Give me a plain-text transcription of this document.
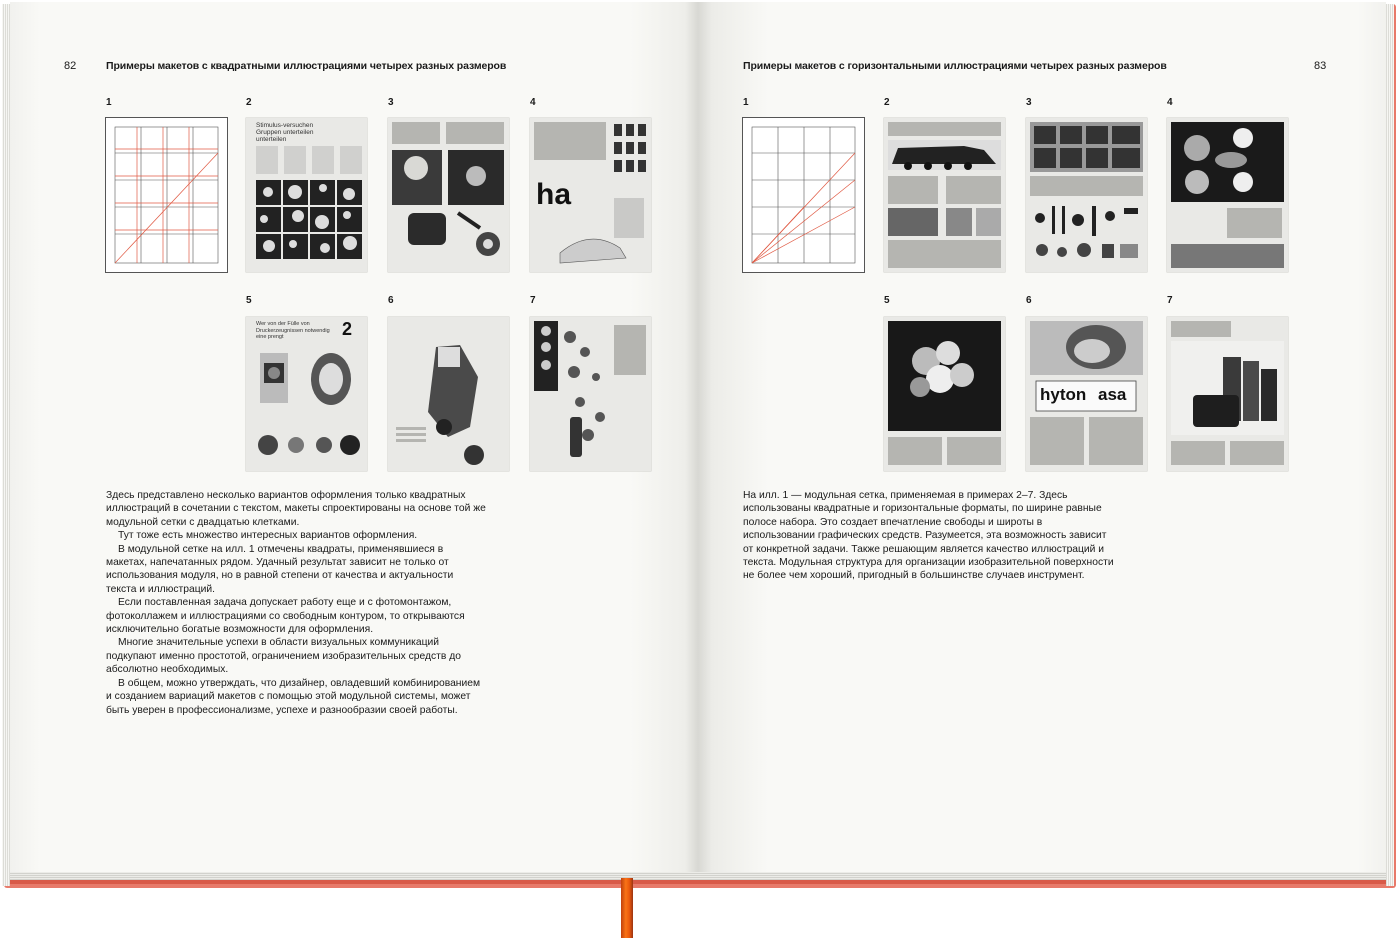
82	Примеры макетов с квадратными иллюстрациями четырех разных размеров
1	2	3	4
5	6	7
Stimulus-versuchen Gruppen unterteilen unterteilen
ha
Wer von der Fülle von Druckerzeugnissen notwendig eine prengt	2

Здесь представлено несколько вариантов оформления только квадратных иллюстраций в сочетании с текстом, макеты спроектированы на основе той же модульной сетки с двадцатью клетками.

Тут тоже есть множество интересных вариантов оформления.

В модульной сетке на илл. 1 отмечены квадраты, применявшиеся в макетах, напечатанных рядом. Удачный результат зависит не только от использования модуля, но в равной степени от качества и актуальности текста и иллюстраций.

Если поставленная задача допускает работу еще и с фотомонтажом, фотоколлажем и иллюстрациями со свободным контуром, то открываются исключительно богатые возможности для оформления.

Многие значительные успехи в области визуальных коммуникаций подкупают именно простотой, ограничением изобразительных средств до абсолютно необходимых.

В общем, можно утверждать, что дизайнер, овладевший комбинированием и созданием вариаций макетов с помощью этой модульной системы, может быть уверен в профессионализме, успехе и разнообразии своей работы.

Примеры макетов с горизонтальными иллюстрациями четырех разных размеров	83
1	2	3	4
5	6	7
hyton asa

На илл. 1 — модульная сетка, применяемая в примерах 2–7. Здесь использованы квадратные и горизонтальные форматы, по ширине равные полосе набора. Это создает впечатление свободы и широты в использовании графических средств. Разумеется, эта возможность зависит от конкретной задачи. Также решающим является качество иллюстраций и текста. Модульная структура для организации изобразительной поверхности не более чем хороший, пригодный в большинстве случаев инструмент.
